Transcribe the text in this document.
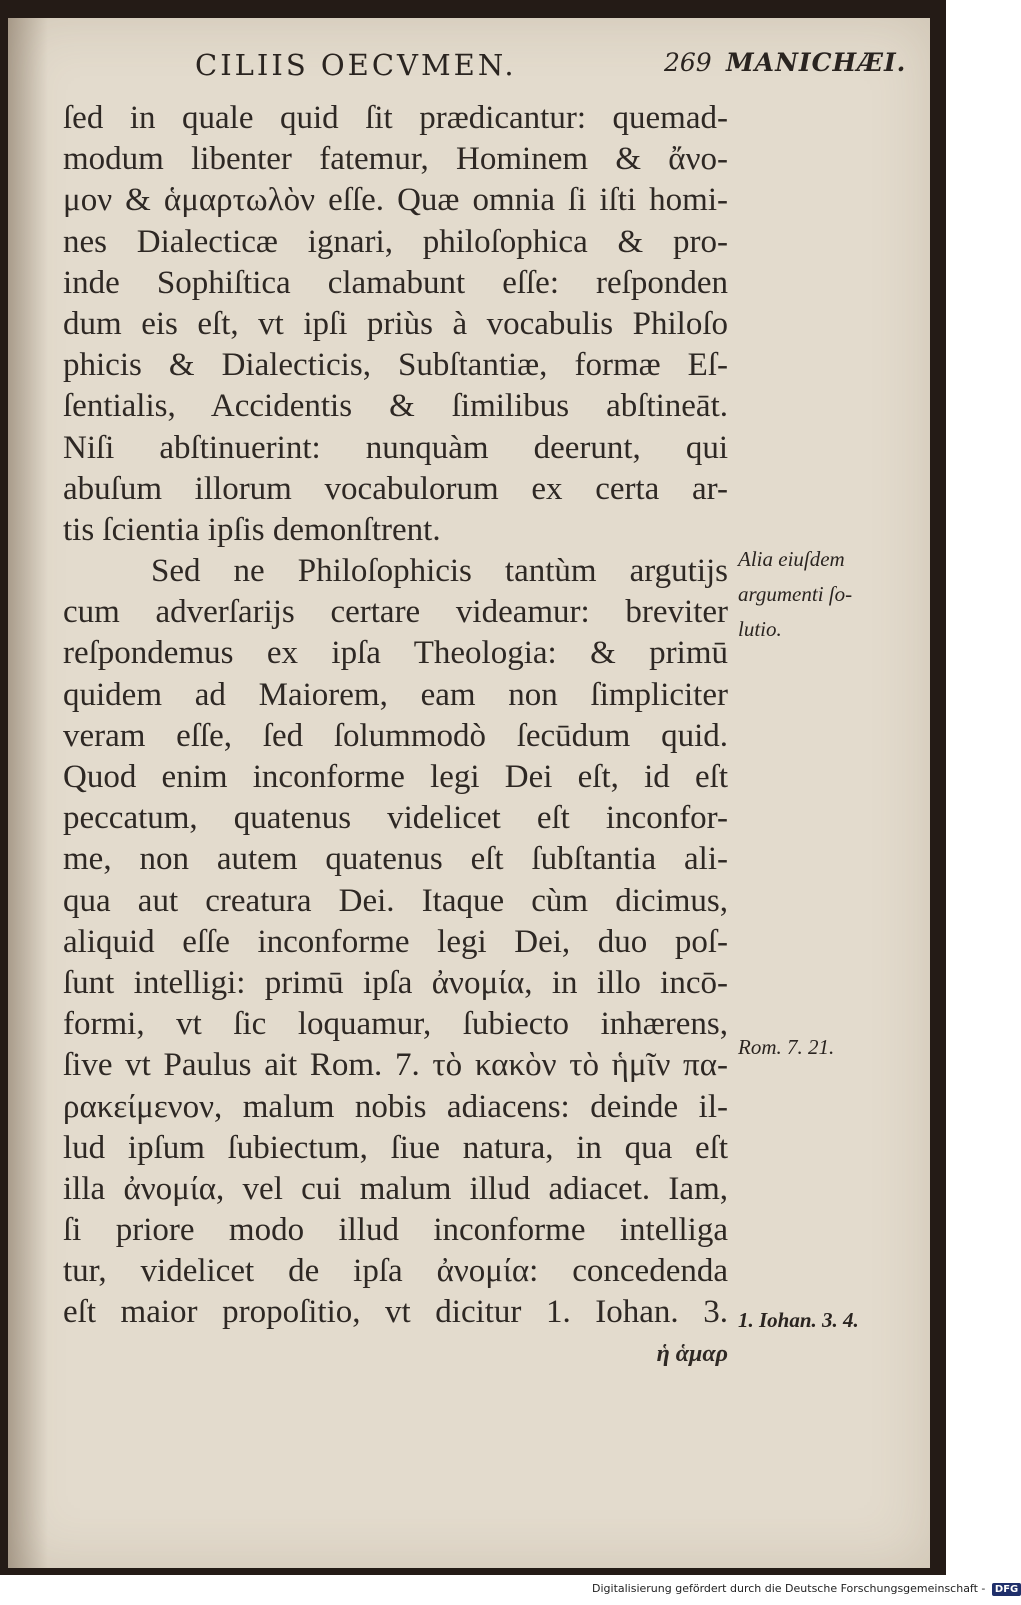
CILIIS OECVMEN.	269 MANICHÆI.
ſed in quale quid ſit prædicantur: quemad-
modum libenter fatemur, Hominem & ἄνο-
μον & ἁμαρτωλὸν eſſe. Quæ omnia ſi iſti homi-
nes Dialecticæ ignari, philoſophica & pro-
inde Sophiſtica clamabunt eſſe: reſponden
dum eis eſt, vt ipſi priùs à vocabulis Philoſo
phicis & Dialecticis, Subſtantiæ, formæ Eſ-
ſentialis, Accidentis & ſimilibus abſtineāt.
Niſi abſtinuerint: nunquàm deerunt, qui
abuſum illorum vocabulorum ex certa ar-
tis ſcientia ipſis demonſtrent.
Sed ne Philoſophicis tantùm argutijs
cum adverſarijs certare videamur: breviter
reſpondemus ex ipſa Theologia: & primū
quidem ad Maiorem, eam non ſimpliciter
veram eſſe, ſed ſolummodò ſecūdum quid.
Quod enim inconforme legi Dei eſt, id eſt
peccatum, quatenus videlicet eſt inconfor-
me, non autem quatenus eſt ſubſtantia ali-
qua aut creatura Dei. Itaque cùm dicimus,
aliquid eſſe inconforme legi Dei, duo poſ-
ſunt intelligi: primū ipſa ἀνομία, in illo incō-
formi, vt ſic loquamur, ſubiecto inhærens,
ſive vt Paulus ait Rom. 7. τὸ κακὸν τὸ ἡμῖν πα-
ρακείμενον, malum nobis adiacens: deinde il-
lud ipſum ſubiectum, ſiue natura, in qua eſt
illa ἀνομία, vel cui malum illud adiacet. Iam,
ſi priore modo illud inconforme intelliga
tur, videlicet de ipſa ἀνομία: concedenda
eſt maior propoſitio, vt dicitur 1. Iohan. 3.
ἡ ἁμαρ
Alia eiuſdem
argumenti ſo-
lutio.
Rom. 7. 21.
1. Iohan. 3. 4.
Digitalisierung gefördert durch die Deutsche Forschungsgemeinschaft - DFG
